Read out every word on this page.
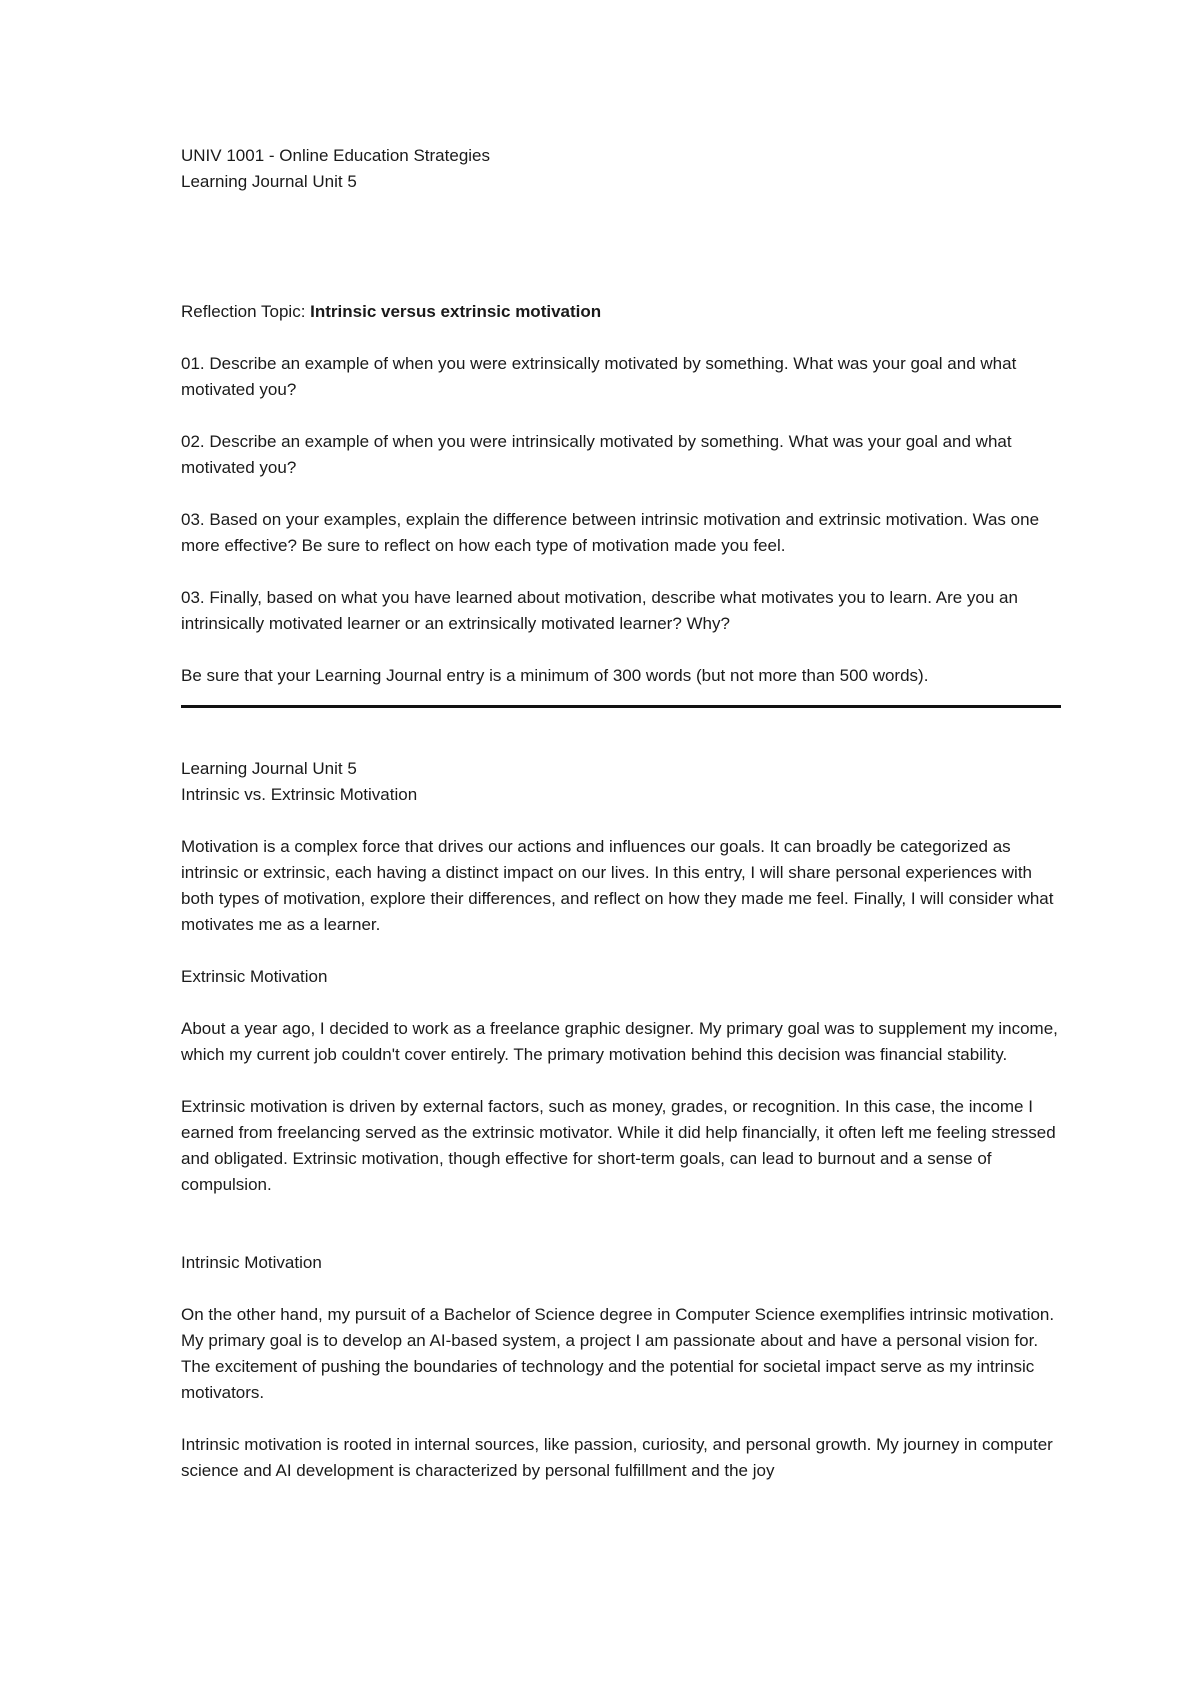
UNIV 1001 - Online Education Strategies

Learning Journal Unit 5

Reflection Topic: Intrinsic versus extrinsic motivation

01. Describe an example of when you were extrinsically motivated by something. What was your goal and what motivated you?

02. Describe an example of when you were intrinsically motivated by something. What was your goal and what motivated you?

03. Based on your examples, explain the difference between intrinsic motivation and extrinsic motivation. Was one more effective? Be sure to reflect on how each type of motivation made you feel.

03. Finally, based on what you have learned about motivation, describe what motivates you to learn. Are you an intrinsically motivated learner or an extrinsically motivated learner? Why?

Be sure that your Learning Journal entry is a minimum of 300 words (but not more than 500 words).

Learning Journal Unit 5

Intrinsic vs. Extrinsic Motivation

Motivation is a complex force that drives our actions and influences our goals. It can broadly be categorized as intrinsic or extrinsic, each having a distinct impact on our lives. In this entry, I will share personal experiences with both types of motivation, explore their differences, and reflect on how they made me feel. Finally, I will consider what motivates me as a learner.

Extrinsic Motivation

About a year ago, I decided to work as a freelance graphic designer. My primary goal was to supplement my income, which my current job couldn't cover entirely. The primary motivation behind this decision was financial stability.

Extrinsic motivation is driven by external factors, such as money, grades, or recognition. In this case, the income I earned from freelancing served as the extrinsic motivator. While it did help financially, it often left me feeling stressed and obligated. Extrinsic motivation, though effective for short-term goals, can lead to burnout and a sense of compulsion.

Intrinsic Motivation

On the other hand, my pursuit of a Bachelor of Science degree in Computer Science exemplifies intrinsic motivation. My primary goal is to develop an AI-based system, a project I am passionate about and have a personal vision for. The excitement of pushing the boundaries of technology and the potential for societal impact serve as my intrinsic motivators.

Intrinsic motivation is rooted in internal sources, like passion, curiosity, and personal growth. My journey in computer science and AI development is characterized by personal fulfillment and the joy
